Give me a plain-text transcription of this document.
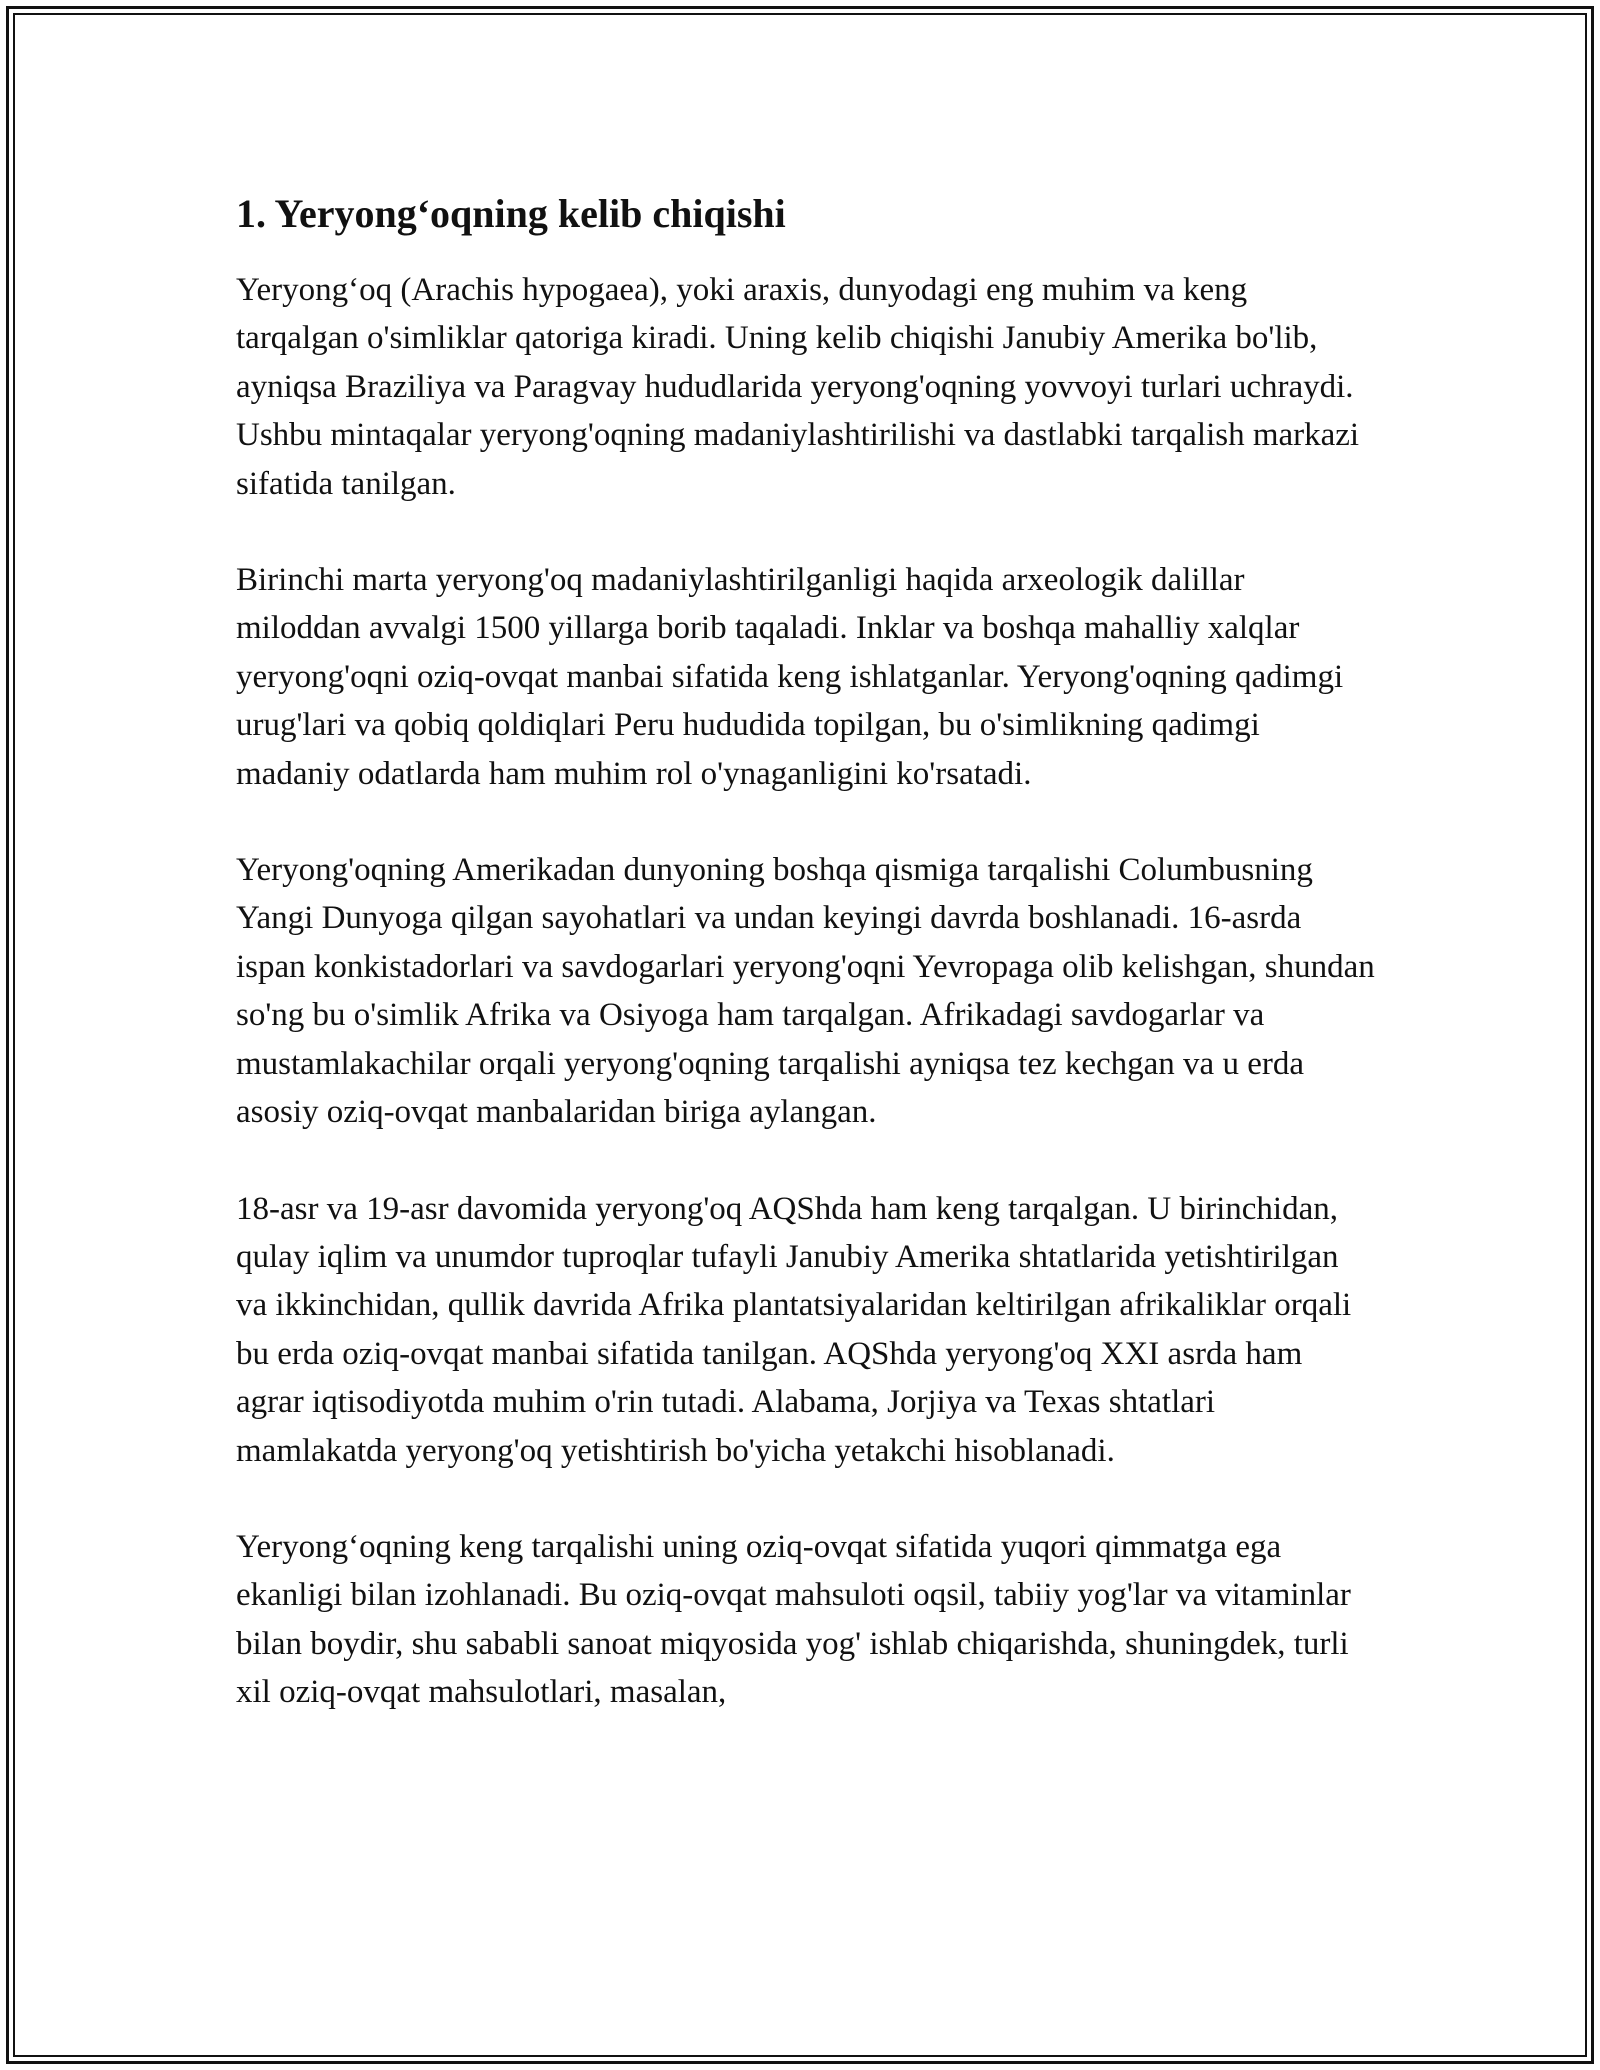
1. Yeryong‘oqning kelib chiqishi

Yeryong‘oq (Arachis hypogaea), yoki araxis, dunyodagi eng muhim va keng tarqalgan o'simliklar qatoriga kiradi. Uning kelib chiqishi Janubiy Amerika bo'lib, ayniqsa Braziliya va Paragvay hududlarida yeryong'oqning yovvoyi turlari uchraydi. Ushbu mintaqalar yeryong'oqning madaniylashtirilishi va dastlabki tarqalish markazi sifatida tanilgan.

Birinchi marta yeryong'oq madaniylashtirilganligi haqida arxeologik dalillar miloddan avvalgi 1500 yillarga borib taqaladi. Inklar va boshqa mahalliy xalqlar yeryong'oqni oziq-ovqat manbai sifatida keng ishlatganlar. Yeryong'oqning qadimgi urug'lari va qobiq qoldiqlari Peru hududida topilgan, bu o'simlikning qadimgi madaniy odatlarda ham muhim rol o'ynaganligini ko'rsatadi.

Yeryong'oqning Amerikadan dunyoning boshqa qismiga tarqalishi Columbusning Yangi Dunyoga qilgan sayohatlari va undan keyingi davrda boshlanadi. 16-asrda ispan konkistadorlari va savdogarlari yeryong'oqni Yevropaga olib kelishgan, shundan so'ng bu o'simlik Afrika va Osiyoga ham tarqalgan. Afrikadagi savdogarlar va mustamlakachilar orqali yeryong'oqning tarqalishi ayniqsa tez kechgan va u erda asosiy oziq-ovqat manbalaridan biriga aylangan.

18-asr va 19-asr davomida yeryong'oq AQShda ham keng tarqalgan. U birinchidan, qulay iqlim va unumdor tuproqlar tufayli Janubiy Amerika shtatlarida yetishtirilgan va ikkinchidan, qullik davrida Afrika plantatsiyalaridan keltirilgan afrikaliklar orqali bu erda oziq-ovqat manbai sifatida tanilgan. AQShda yeryong'oq XXI asrda ham agrar iqtisodiyotda muhim o'rin tutadi. Alabama, Jorjiya va Texas shtatlari mamlakatda yeryong'oq yetishtirish bo'yicha yetakchi hisoblanadi.

Yeryong‘oqning keng tarqalishi uning oziq-ovqat sifatida yuqori qimmatga ega ekanligi bilan izohlanadi. Bu oziq-ovqat mahsuloti oqsil, tabiiy yog'lar va vitaminlar bilan boydir, shu sababli sanoat miqyosida yog' ishlab chiqarishda, shuningdek, turli xil oziq-ovqat mahsulotlari, masalan,
